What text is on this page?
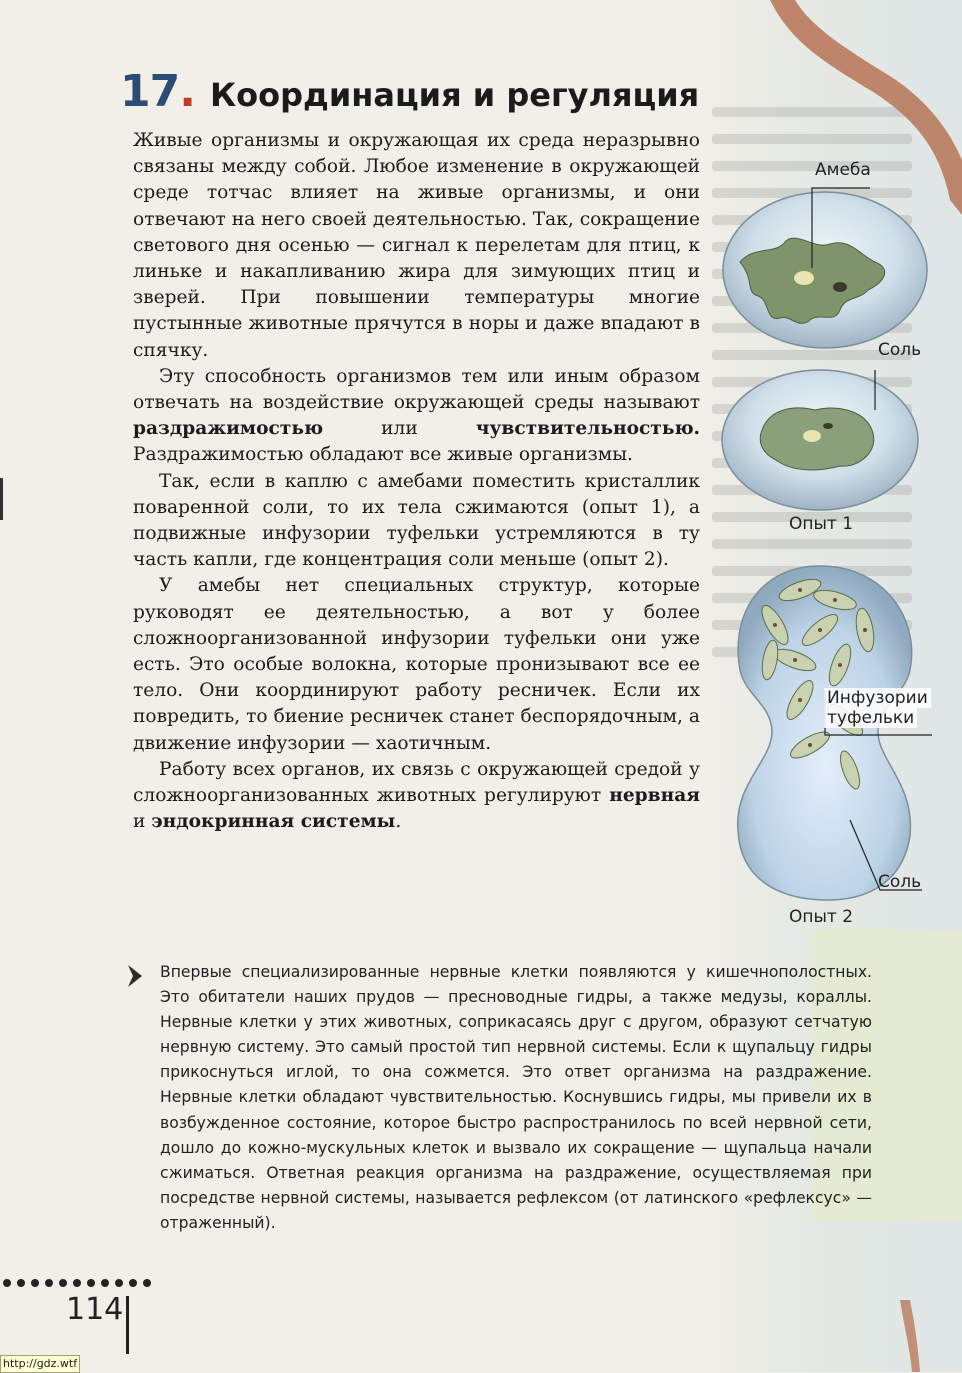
Амеба
Соль
Опыт 1
Инфузории
туфельки
Соль
Опыт 2
17 . Координация и регуляция

Живые организмы и окружающая их среда неразрывно связаны между собой. Любое изменение в окружающей среде тотчас влияет на живые организмы, и они отвечают на него своей деятельностью. Так, сокращение светового дня осенью — сигнал к перелетам для птиц, к линьке и накапливанию жира для зимующих птиц и зверей. При повышении температуры многие пустынные животные прячутся в норы и даже впадают в спячку.

Эту способность организмов тем или иным образом отвечать на воздействие окружающей среды называют раздражимостью или чувствительностью. Раздражимостью обладают все живые организмы.

Так, если в каплю с амебами поместить кристаллик поваренной соли, то их тела сжимаются (опыт 1), а подвижные инфузории туфельки устремляются в ту часть капли, где концентрация соли меньше (опыт 2).

У амебы нет специальных структур, которые руководят ее деятельностью, а вот у более сложноорганизованной инфузории туфельки они уже есть. Это особые волокна, которые пронизывают все ее тело. Они координируют работу ресничек. Если их повредить, то биение ресничек станет беспорядочным, а движение инфузории — хаотичным.

Работу всех органов, их связь с окружающей средой у сложноорганизованных животных регулируют нервная и эндокринная системы.

Впервые специализированные нервные клетки появляются у кишечнополостных. Это обитатели наших прудов — пресноводные гидры, а также медузы, кораллы. Нервные клетки у этих животных, соприкасаясь друг с другом, образуют сетчатую нервную систему. Это самый простой тип нервной системы. Если к щупальцу гидры прикоснуться иглой, то она сожмется. Это ответ организма на раздражение. Нервные клетки обладают чувствительностью. Коснувшись гидры, мы привели их в возбужденное состояние, которое быстро распространилось по всей нервной сети, дошло до кожно-мускульных клеток и вызвало их сокращение — щупальца начали сжиматься. Ответная реакция организма на раздражение, осуществляемая при посредстве нервной системы, называется рефлексом (от латинского «рефлексус» — отраженный).
114
http://gdz.wtf
